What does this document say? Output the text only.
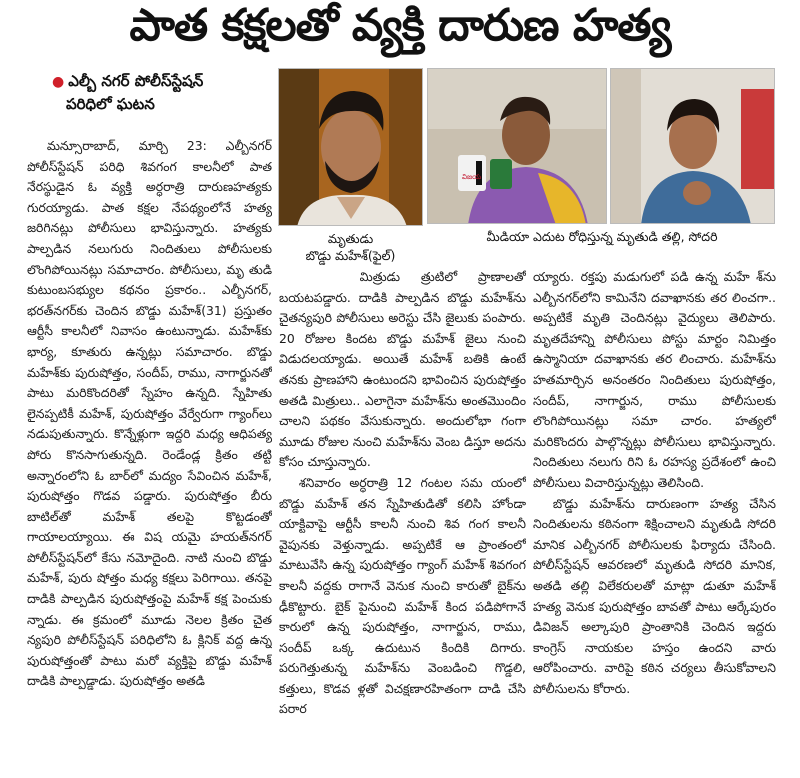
పాత కక్షలతో వ్యక్తి దారుణ హత్య
● ఎల్బీ నగర్ పోలీస్‌స్టేషన్
పరిధిలో ఘటన
మృతుడు
బొడ్డు మహేశ్(ఫైల్)
విజయ
మీడియా ఎదుట రోధిస్తున్న మృతుడి తల్లి, సోదరి

మన్సూరాబాద్, మార్చి 23: ఎల్బీనగర్ పోలీస్‌స్టేషన్ పరిధి శివగంగ కాలనీలో పాత నేరస్థుడైన ఓ వ్యక్తి అర్ధరాత్రి దారుణహత్యకు గురయ్యాడు. పాత కక్షల నేపథ్యంలోనే హత్య జరిగినట్లు పోలీసులు భావిస్తున్నారు. హత్యకు పాల్పడిన నలుగురు నిందితులు పోలీసులకు లొంగిపోయినట్లు సమాచారం. పోలీసులు, మృ తుడి కుటుంబసభ్యుల కథనం ప్రకారం.. ఎల్బీనగర్, భరత్‌నగర్‌కు చెందిన బొడ్డు మహేశ్(31) ప్రస్తుతం ఆర్టీసీ కాలనీలో నివాసం ఉంటున్నాడు. మహేశ్‌కు భార్య, కూతురు ఉన్నట్లు సమాచారం. బొడ్డు మహేశ్‌కు పురుషోత్తం, సందీప్, రాము, నాగార్జునతో పాటు మరికొందరితో స్నేహం ఉన్నది. స్నేహితు లైనప్పటికీ మహేశ్, పురుషోత్తం వేర్వేరుగా గ్యాంగ్‌లు నడుపుతున్నారు. కొన్నేళ్లుగా ఇద్దరి మధ్య ఆధిపత్య పోరు కొనసాగుతున్నది. రెండేండ్ల క్రితం తట్టి అన్నారంలోని ఓ బార్‌లో మద్యం సేవించిన మహేశ్, పురుషోత్తం గొడవ పడ్డారు. పురుషోత్తం బీరు బాటిల్‌తో మహేశ్ తలపై కొట్టడంతో గాయాలయ్యాయి. ఈ విష యమై హయత్‌నగర్ పోలీస్‌స్టేషన్‌లో కేసు నమోదైంది. నాటి నుంచి బొడ్డు మహేశ్, పురు షోత్తం మధ్య కక్షలు పెరిగాయి. తనపై దాడికి పాల్పడిన పురుషోత్తంపై మహేశ్ కక్ష పెంచుకు న్నాడు. ఈ క్రమంలో మూడు నెలల క్రితం చైత న్యపురి పోలీస్‌స్టేషన్ పరిధిలోని ఓ క్లినిక్ వద్ద ఉన్న పురుషోత్తంతో పాటు మరో వ్యక్తిపై బొడ్డు మహేశ్ దాడికి పాల్పడ్డాడు. పురుషోత్తం అతడి

మిత్రుడు త్రుటిలో ప్రాణాలతో బయటపడ్డారు. దాడికి పాల్పడిన బొడ్డు మహేశ్‌ను చైతన్యపురి పోలీసులు అరెస్టు చేసి జైలుకు పంపారు. 20 రోజుల కిందట బొడ్డు మహేశ్ జైలు నుంచి విడుదలయ్యాడు. అయితే మహేశ్ బతికి ఉంటే తనకు ప్రాణహాని ఉంటుందని భావించిన పురుషోత్తం అతడి మిత్రులు.. ఎలాగైనా మహేశ్‌ను అంతమొందిం చాలని పథకం వేసుకున్నారు. అందులోభా గంగా మూడు రోజుల నుంచి మహేశ్‌ను వెంబ డిస్తూ అదను కోసం చూస్తున్నారు.

శనివారం అర్ధరాత్రి 12 గంటల సమ యంలో బొడ్డు మహేశ్ తన స్నేహితుడితో కలిసి హోండా యాక్టివాపై ఆర్టీసీ కాలనీ నుంచి శివ గంగ కాలనీ వైపునకు వెళ్తున్నాడు. అప్పటికే ఆ ప్రాంతంలో మాటువేసి ఉన్న పురుషోత్తం గ్యాంగ్ మహేశ్ శివగంగ కాలనీ వద్దకు రాగానే వెనుక నుంచి కారుతో బైక్‌ను ఢీకొట్టారు. బైక్ పైనుంచి మహేశ్ కింద పడిపోగానే కారులో ఉన్న పురుషోత్తం, నాగార్జున, రాము, సందీప్ ఒక్క ఉదుటున కిందికి దిగారు. పరుగెత్తుతున్న మహేశ్‌ను వెంబడించి గొడ్డలి, కత్తులు, కొడవ ళ్లతో విచక్షణారహితంగా దాడి చేసి పరార

య్యారు. రక్తపు మడుగులో పడి ఉన్న మహే శ్‌ను ఎల్బీనగర్‌లోని కామినేని దవాఖానకు తర లించగా.. అప్పటికే మృతి చెందినట్లు వైద్యులు తెలిపారు. మృతదేహాన్ని పోలీసులు పోస్టు మార్టం నిమిత్తం ఉస్మానియా దవాఖానకు తర లించారు. మహేశ్‌ను హతమార్చిన అనంతరం నిందితులు పురుషోత్తం, సందీప్, నాగార్జున, రాము పోలీసులకు లొంగిపోయినట్లు సమా చారం. హత్యలో మరికొందరు పాల్గొన్నట్లు పోలీసులు భావిస్తున్నారు. నిందితులు నలుగు రిని ఓ రహస్య ప్రదేశంలో ఉంచి పోలీసులు విచారిస్తున్నట్లు తెలిసింది.

బొడ్డు మహేశ్‌ను దారుణంగా హత్య చేసిన నిందితులను కఠినంగా శిక్షించాలని మృతుడి సోదరి మానిక ఎల్బీనగర్ పోలీసులకు ఫిర్యాదు చేసింది. పోలీస్‌స్టేషన్ ఆవరణలో మృతుడి సోదరి మానిక, అతడి తల్లి విలేకరులతో మాట్లా డుతూ మహేశ్ హత్య వెనుక పురుషోత్తం బావతో పాటు ఆర్కేపురం డివిజన్ అల్కాపురి ప్రాంతానికి చెందిన ఇద్దరు కాంగ్రెస్ నాయకుల హస్తం ఉందని వారు ఆరోపించారు. వారిపై కఠిన చర్యలు తీసుకోవాలని పోలీసులను కోరారు.
